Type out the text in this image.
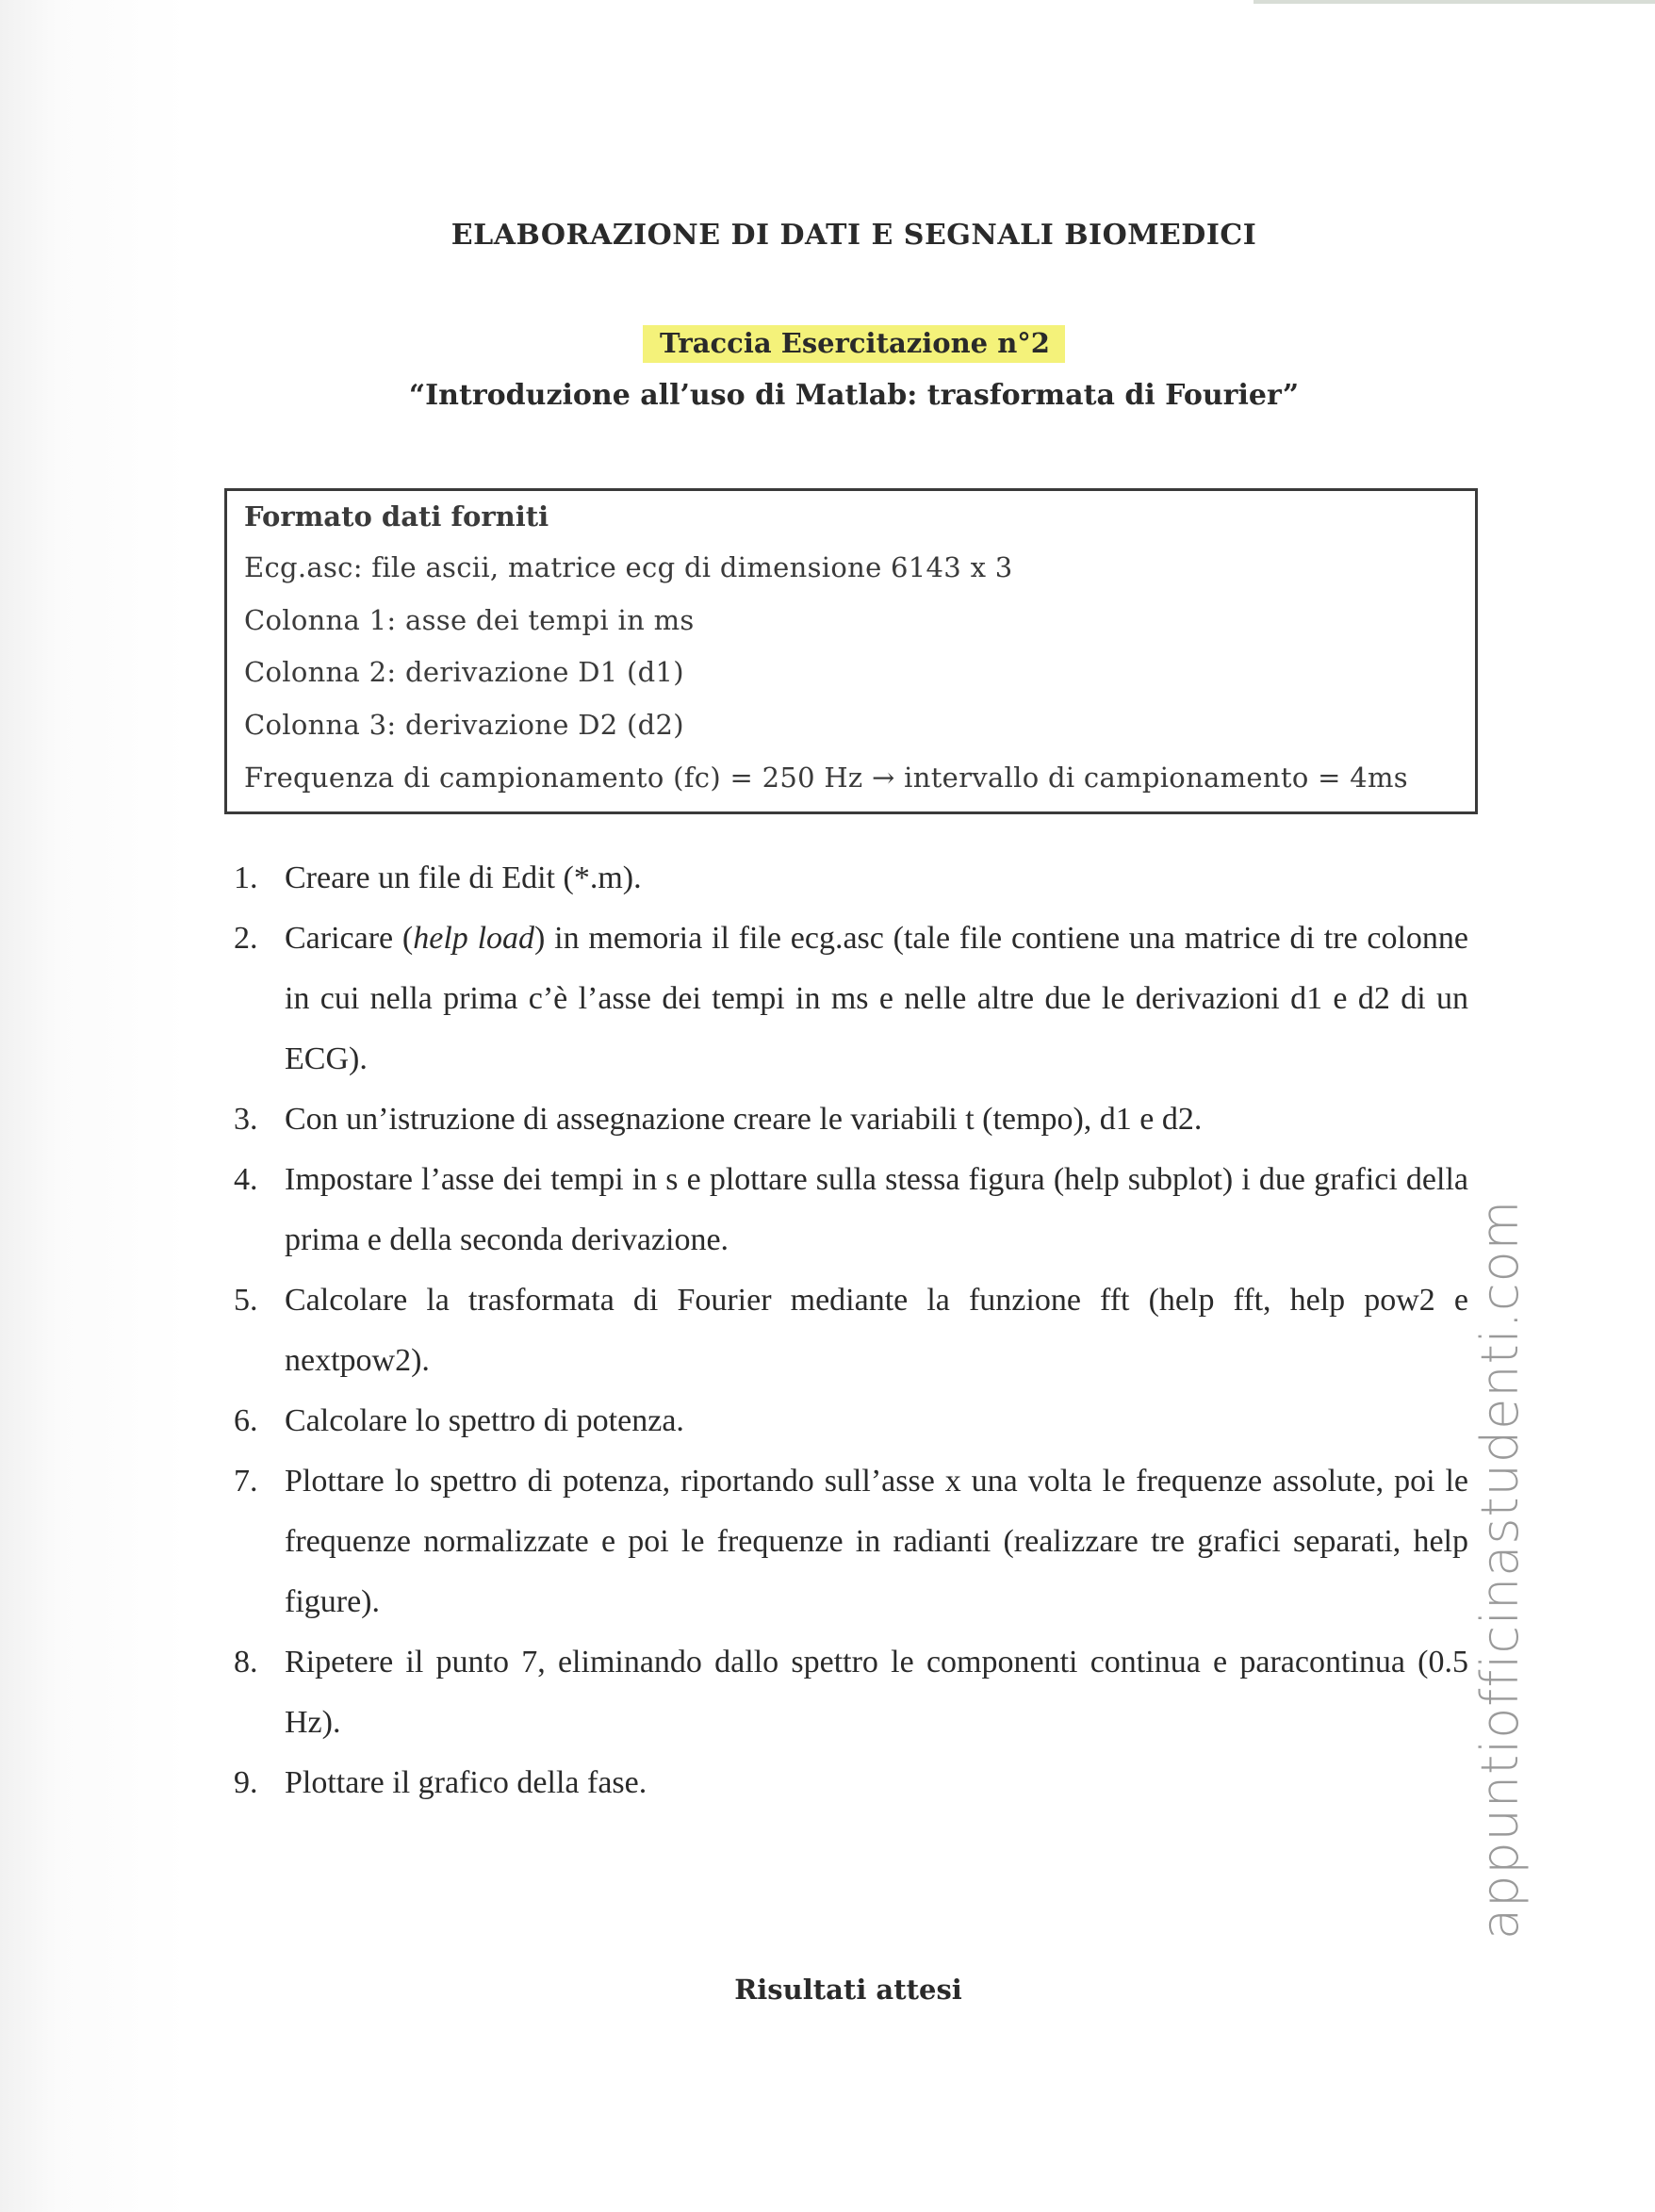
ELABORAZIONE DI DATI E SEGNALI BIOMEDICI
Traccia Esercitazione n°2
“Introduzione all’uso di Matlab: trasformata di Fourier”
Formato dati forniti
Ecg.asc: file ascii, matrice ecg di dimensione 6143 x 3
Colonna 1: asse dei tempi in ms
Colonna 2: derivazione D1 (d1)
Colonna 3: derivazione D2 (d2)
Frequenza di campionamento (fc) = 250 Hz → intervallo di campionamento = 4ms
1. Creare un file di Edit (*.m).
2. Caricare (help load) in memoria il file ecg.asc (tale file contiene una matrice di tre colonne in cui nella prima c’è l’asse dei tempi in ms e nelle altre due le derivazioni d1 e d2 di un ECG).
3. Con un’istruzione di assegnazione creare le variabili t (tempo), d1 e d2.
4. Impostare l’asse dei tempi in s e plottare sulla stessa figura (help subplot) i due grafici della prima e della seconda derivazione.
5. Calcolare la trasformata di Fourier mediante la funzione fft (help fft, help pow2 e nextpow2).
6. Calcolare lo spettro di potenza.
7. Plottare lo spettro di potenza, riportando sull’asse x una volta le frequenze assolute, poi le frequenze normalizzate e poi le frequenze in radianti (realizzare tre grafici separati, help figure).
8. Ripetere il punto 7, eliminando dallo spettro le componenti continua e paracontinua (0.5 Hz).
9. Plottare il grafico della fase.
Risultati attesi
appuntiofficinastudenti.com
